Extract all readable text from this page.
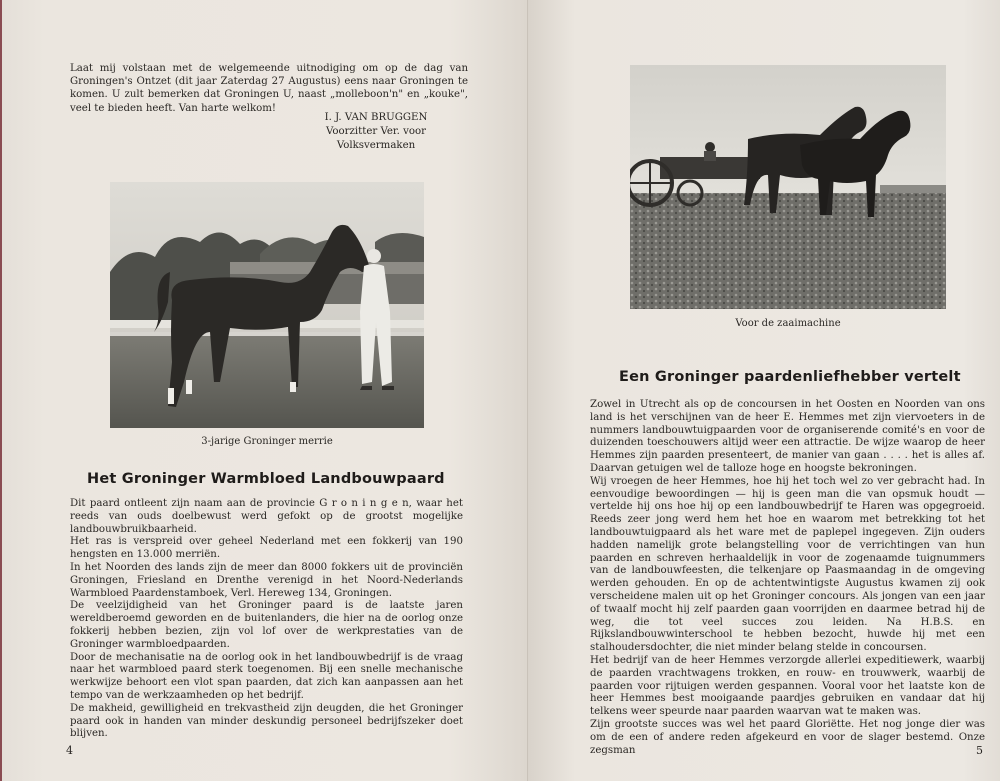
Laat mij volstaan met de welgemeende uitnodiging om op de dag van Groningen's Ontzet (dit jaar Zaterdag 27 Augustus) eens naar Groningen te komen. U zult bemerken dat Groningen U, naast „molleboon'n" en „kouke", veel te bieden heeft. Van harte welkom!

I. J. VAN BRUGGEN
Voorzitter Ver. voor Volksvermaken
3-jarige Groninger merrie
Het Groninger Warmbloed Landbouwpaard

Dit paard ontleent zijn naam aan de provincie G r o n i n g e n, waar het reeds van ouds doelbewust werd gefokt op de grootst mogelijke landbouwbruikbaarheid.

Het ras is verspreid over geheel Nederland met een fokkerij van 190 hengsten en 13.000 merriën.

In het Noorden des lands zijn de meer dan 8000 fokkers uit de provinciën Groningen, Friesland en Drenthe verenigd in het Noord-Nederlands Warmbloed Paardenstamboek, Verl. Hereweg 134, Groningen.

De veelzijdigheid van het Groninger paard is de laatste jaren wereldberoemd geworden en de buitenlanders, die hier na de oorlog onze fokkerij hebben bezien, zijn vol lof over de werkprestaties van de Groninger warmbloedpaarden.

Door de mechanisatie na de oorlog ook in het landbouwbedrijf is de vraag naar het warmbloed paard sterk toegenomen. Bij een snelle mechanische werkwijze behoort een vlot span paarden, dat zich kan aanpassen aan het tempo van de werkzaamheden op het bedrijf.

De makheid, gewilligheid en trekvastheid zijn deugden, die het Groninger paard ook in handen van minder deskundig personeel bedrijfszeker doet blijven.

4
Voor de zaaimachine
Een Groninger paardenliefhebber vertelt

Zowel in Utrecht als op de concoursen in het Oosten en Noorden van ons land is het verschijnen van de heer E. Hemmes met zijn viervoeters in de nummers landbouwtuigpaarden voor de organiserende comité's en voor de duizenden toeschouwers altijd weer een attractie. De wijze waarop de heer Hemmes zijn paarden presenteert, de manier van gaan . . . . het is alles af. Daarvan getuigen wel de talloze hoge en hoogste bekroningen.

Wij vroegen de heer Hemmes, hoe hij het toch wel zo ver gebracht had. In eenvoudige bewoordingen — hij is geen man die van opsmuk houdt — vertelde hij ons hoe hij op een landbouwbedrijf te Haren was opgegroeid. Reeds zeer jong werd hem het hoe en waarom met betrekking tot het landbouwtuigpaard als het ware met de paplepel ingegeven. Zijn ouders hadden namelijk grote belangstelling voor de verrichtingen van hun paarden en schreven herhaaldelijk in voor de zogenaamde tuignummers van de landbouwfeesten, die telkenjare op Paasmaandag in de omgeving werden gehouden. En op de achtentwintigste Augustus kwamen zij ook verscheidene malen uit op het Groninger concours. Als jongen van een jaar of twaalf mocht hij zelf paarden gaan voorrijden en daarmee betrad hij de weg, die tot veel succes zou leiden. Na H.B.S. en Rijkslandbouwwinterschool te hebben bezocht, huwde hij met een stalhoudersdochter, die niet minder belang stelde in concoursen.

Het bedrijf van de heer Hemmes verzorgde allerlei expeditiewerk, waarbij de paarden vrachtwagens trokken, en rouw- en trouwwerk, waarbij de paarden voor rijtuigen werden gespannen. Vooral voor het laatste kon de heer Hemmes best mooigaande paardjes gebruiken en vandaar dat hij telkens weer speurde naar paarden waarvan wat te maken was.

Zijn grootste succes was wel het paard Gloriëtte. Het nog jonge dier was om de een of andere reden afgekeurd en voor de slager bestemd. Onze zegsman	5
